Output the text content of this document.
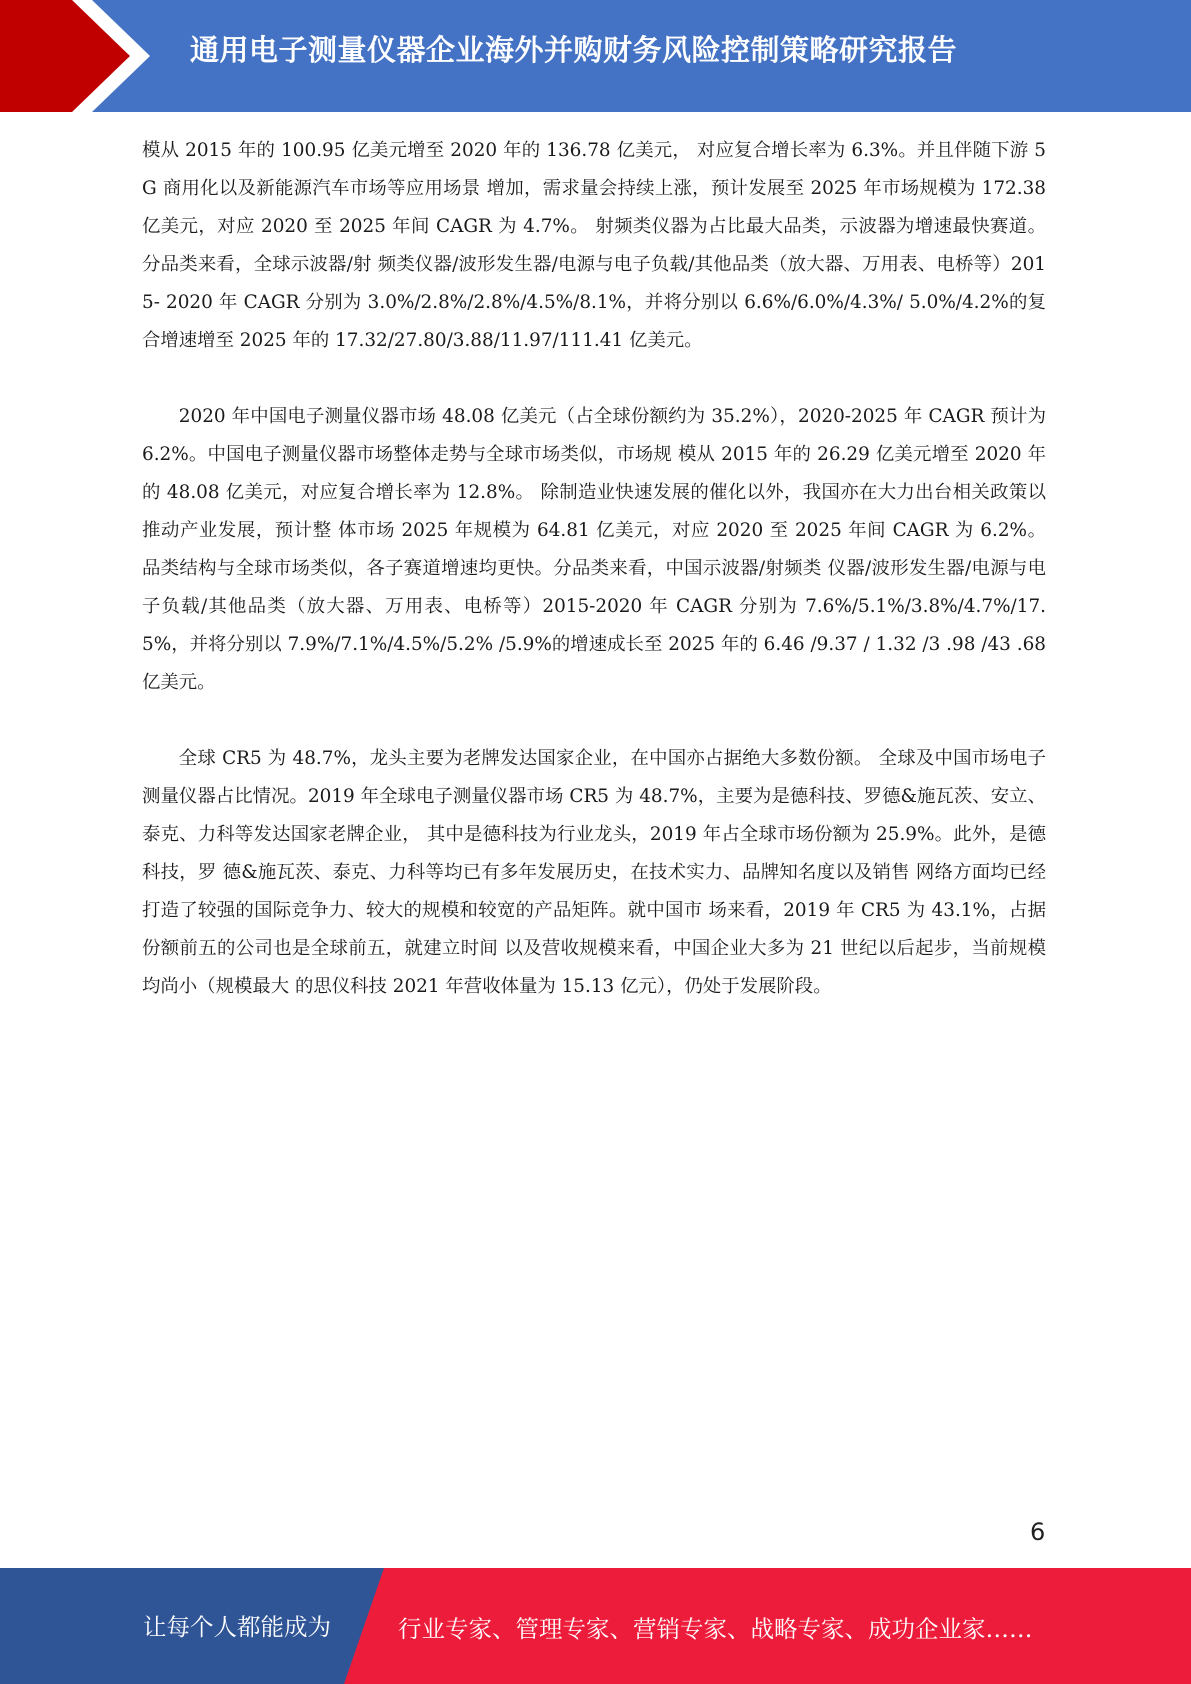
通用电子测量仪器企业海外并购财务风险控制策略研究报告

模从 2015 年的 100.95 亿美元增至 2020 年的 136.78 亿美元， 对应复合增长率为 6.3%。并且伴随下游 5G 商用化以及新能源汽车市场等应用场景 增加，需求量会持续上涨，预计发展至 2025 年市场规模为 172.38 亿美元，对应 2020 至 2025 年间 CAGR 为 4.7%。 射频类仪器为占比最大品类，示波器为增速最快赛道。分品类来看，全球示波器/射 频类仪器/波形发生器/电源与电子负载/其他品类（放大器、万用表、电桥等）2015- 2020 年 CAGR 分别为 3.0%/2.8%/2.8%/4.5%/8.1%，并将分别以 6.6%/6.0%/4.3%/ 5.0%/4.2%的复合增速增至 2025 年的 17.32/27.80/3.88/11.97/111.41 亿美元。

2020 年中国电子测量仪器市场 48.08 亿美元（占全球份额约为 35.2%），2020-2025 年 CAGR 预计为 6.2%。中国电子测量仪器市场整体走势与全球市场类似，市场规 模从 2015 年的 26.29 亿美元增至 2020 年的 48.08 亿美元，对应复合增长率为 12.8%。 除制造业快速发展的催化以外，我国亦在大力出台相关政策以推动产业发展，预计整 体市场 2025 年规模为 64.81 亿美元，对应 2020 至 2025 年间 CAGR 为 6.2%。 品类结构与全球市场类似，各子赛道增速均更快。分品类来看，中国示波器/射频类 仪器/波形发生器/电源与电子负载/其他品类（放大器、万用表、电桥等）2015-2020 年 CAGR 分别为 7.6%/5.1%/3.8%/4.7%/17.5%，并将分别以 7.9%/7.1%/4.5%/5.2% /5.9%的增速成长至 2025 年的 6.46 /9.37 / 1.32 /3 .98 /43 .68 亿美元。

全球 CR5 为 48.7%，龙头主要为老牌发达国家企业，在中国亦占据绝大多数份额。 全球及中国市场电子测量仪器占比情况。2019 年全球电子测量仪器市场 CR5 为 48.7%，主要为是德科技、罗德&施瓦茨、安立、泰克、力科等发达国家老牌企业， 其中是德科技为行业龙头，2019 年占全球市场份额为 25.9%。此外，是德科技，罗 德&施瓦茨、泰克、力科等均已有多年发展历史，在技术实力、品牌知名度以及销售 网络方面均已经打造了较强的国际竞争力、较大的规模和较宽的产品矩阵。就中国市 场来看，2019 年 CR5 为 43.1%，占据份额前五的公司也是全球前五，就建立时间 以及营收规模来看，中国企业大多为 21 世纪以后起步，当前规模均尚小（规模最大 的思仪科技 2021 年营收体量为 15.13 亿元），仍处于发展阶段。

6
让每个人都能成为	行业专家、管理专家、营销专家、战略专家、成功企业家……
